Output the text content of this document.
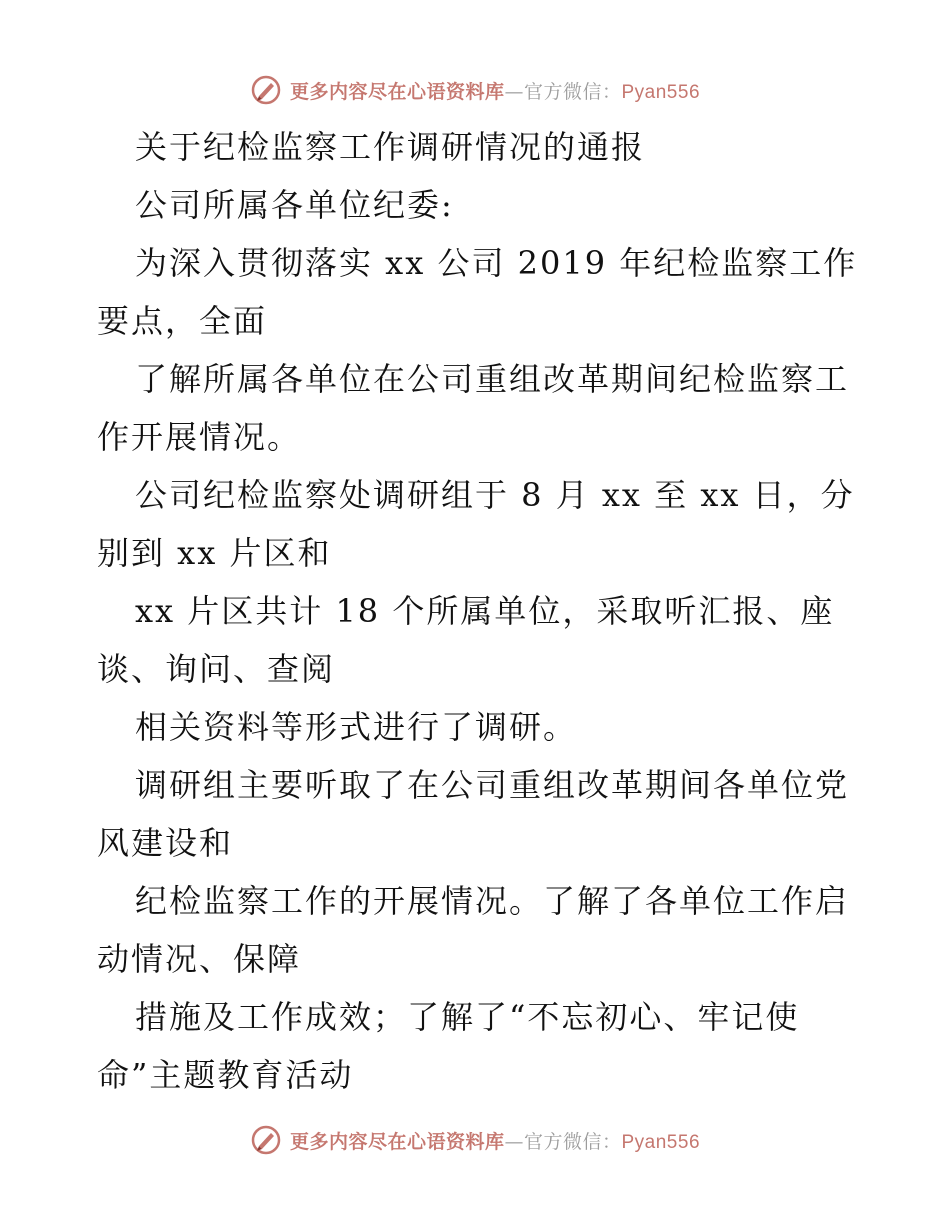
更多内容尽在心语资料库—官方微信：Pyan556
关于纪检监察工作调研情况的通报
公司所属各单位纪委:
为深入贯彻落实 xx 公司 2019 年纪检监察工作
要点，全面
了解所属各单位在公司重组改革期间纪检监察工
作开展情况。
公司纪检监察处调研组于 8 月 xx 至 xx 日，分
别到 xx 片区和
xx 片区共计 18 个所属单位，采取听汇报、座
谈、询问、查阅
相关资料等形式进行了调研。
调研组主要听取了在公司重组改革期间各单位党
风建设和
纪检监察工作的开展情况。了解了各单位工作启
动情况、保障
措施及工作成效；了解了“不忘初心、牢记使
命”主题教育活动
更多内容尽在心语资料库—官方微信：Pyan556
